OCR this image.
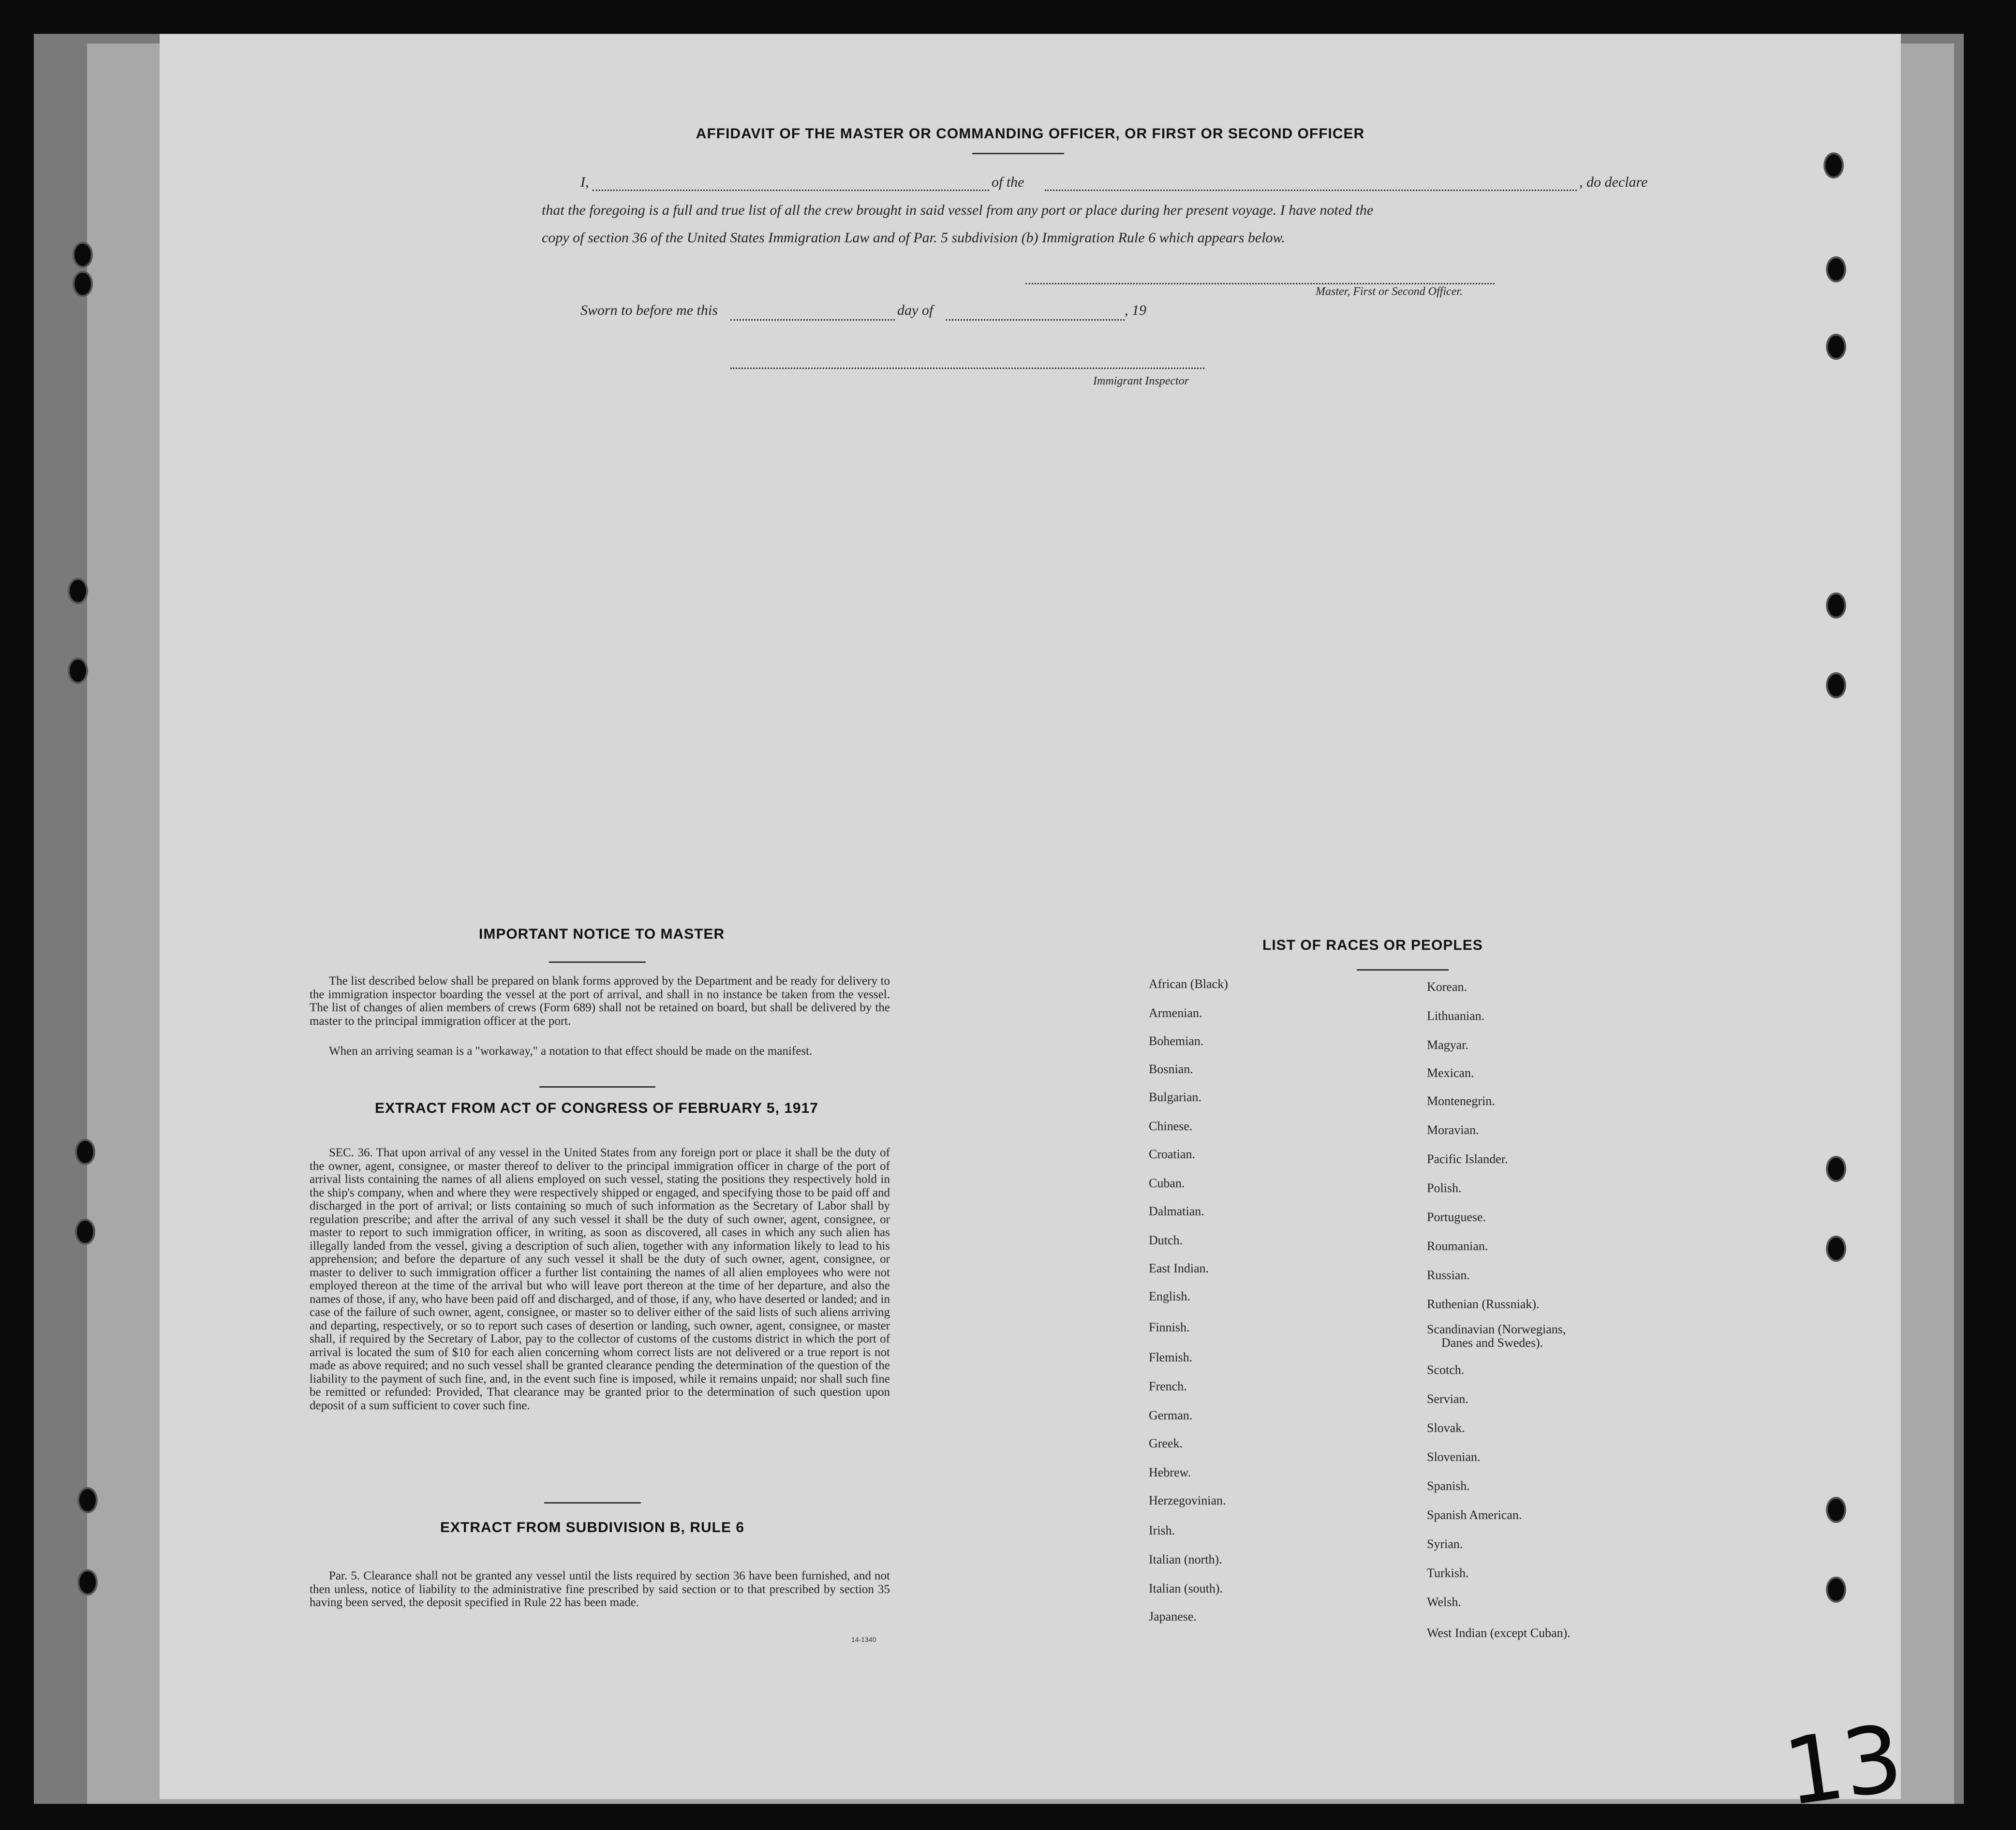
AFFIDAVIT OF THE MASTER OR COMMANDING OFFICER, OR FIRST OR SECOND OFFICER
I,	of the	, do declare
that the foregoing is a full and true list of all the crew brought in said vessel from any port or place during her present voyage. I have noted the
copy of section 36 of the United States Immigration Law and of Par. 5 subdivision (b) Immigration Rule 6 which appears below.
Master, First or Second Officer.
Sworn to before me this	day of	, 19
Immigrant Inspector
IMPORTANT NOTICE TO MASTER
The list described below shall be prepared on blank forms approved by the Department and be ready for delivery to the immigration inspector boarding the vessel at the port of arrival, and shall in no instance be taken from the vessel. The list of changes of alien members of crews (Form 689) shall not be retained on board, but shall be delivered by the master to the principal immigration officer at the port.
When an arriving seaman is a "workaway," a notation to that effect should be made on the manifest.
EXTRACT FROM ACT OF CONGRESS OF FEBRUARY 5, 1917
SEC. 36. That upon arrival of any vessel in the United States from any foreign port or place it shall be the duty of the owner, agent, consignee, or master thereof to deliver to the principal immigration officer in charge of the port of arrival lists containing the names of all aliens employed on such vessel, stating the positions they respectively hold in the ship's company, when and where they were respectively shipped or engaged, and specifying those to be paid off and discharged in the port of arrival; or lists containing so much of such information as the Secretary of Labor shall by regulation prescribe; and after the arrival of any such vessel it shall be the duty of such owner, agent, consignee, or master to report to such immigration officer, in writing, as soon as discovered, all cases in which any such alien has illegally landed from the vessel, giving a description of such alien, together with any information likely to lead to his apprehension; and before the departure of any such vessel it shall be the duty of such owner, agent, consignee, or master to deliver to such immigration officer a further list containing the names of all alien employees who were not employed thereon at the time of the arrival but who will leave port thereon at the time of her departure, and also the names of those, if any, who have been paid off and discharged, and of those, if any, who have deserted or landed; and in case of the failure of such owner, agent, consignee, or master so to deliver either of the said lists of such aliens arriving and departing, respectively, or so to report such cases of desertion or landing, such owner, agent, consignee, or master shall, if required by the Secretary of Labor, pay to the collector of customs of the customs district in which the port of arrival is located the sum of $10 for each alien concerning whom correct lists are not delivered or a true report is not made as above required; and no such vessel shall be granted clearance pending the determination of the question of the liability to the payment of such fine, and, in the event such fine is imposed, while it remains unpaid; nor shall such fine be remitted or refunded: Provided, That clearance may be granted prior to the determination of such question upon deposit of a sum sufficient to cover such fine.
EXTRACT FROM SUBDIVISION B, RULE 6
Par. 5. Clearance shall not be granted any vessel until the lists required by section 36 have been furnished, and not then unless, notice of liability to the administrative fine prescribed by said section or to that prescribed by section 35 having been served, the deposit specified in Rule 22 has been made.
14-1340
LIST OF RACES OR PEOPLES
African (Black)
Armenian.
Bohemian.
Bosnian.
Bulgarian.
Chinese.
Croatian.
Cuban.
Dalmatian.
Dutch.
East Indian.
English.
Finnish.
Flemish.
French.
German.
Greek.
Hebrew.
Herzegovinian.
Irish.
Italian (north).
Italian (south).
Japanese.
Korean.
Lithuanian.
Magyar.
Mexican.
Montenegrin.
Moravian.
Pacific Islander.
Polish.
Portuguese.
Roumanian.
Russian.
Ruthenian (Russniak).
Scandinavian (Norwegians,
Danes and Swedes).
Scotch.
Servian.
Slovak.
Slovenian.
Spanish.
Spanish American.
Syrian.
Turkish.
Welsh.
West Indian (except Cuban).
13
